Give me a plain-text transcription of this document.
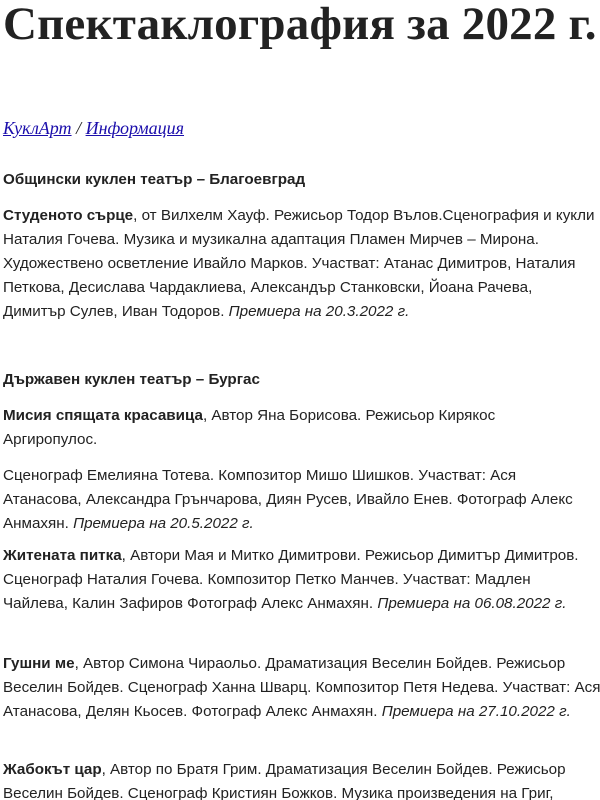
Спектаклография за 2022 г.
КуклАрт / Информация

Общински куклен театър – Благоевград

Студеното сърце, от Вилхелм Хауф. Режисьор Тодор Вълов.Сценография и кукли Наталия Гочева. Музика и музикална адаптация Пламен Мирчев – Мирона. Художествено осветление Ивайло Марков. Участват: Атанас Димитров, Наталия Петкова, Десислава Чардаклиева, Александър Станковски, Йоана Рачева, Димитър Сулев, Иван Тодоров. Премиера на 20.3.2022 г.

Държавен куклен театър – Бургас

Мисия спящата красавица, Автор Яна Борисова. Режисьор Кирякос Аргиропулос.

Сценограф Емелияна Тотева. Композитор Мишо Шишков. Участват: Ася Атанасова, Александра Грънчарова, Диян Русев, Ивайло Енев. Фотограф Алекс Анмахян. Премиера на 20.5.2022 г.

Житената питка, Автори Мая и Митко Димитрови. Режисьор Димитър Димитров. Сценограф Наталия Гочева. Композитор Петко Манчев. Участват: Мадлен Чайлева, Калин Зафиров Фотограф Алекс Анмахян. Премиера на 06.08.2022 г.

Гушни ме, Автор Симона Чираольо. Драматизация Веселин Бойдев. Режисьор Веселин Бойдев. Сценограф Ханна Шварц. Композитор Петя Недева. Участват: Ася Атанасова, Делян Кьосев. Фотограф Алекс Анмахян. Премиера на 27.10.2022 г.

Жабокът цар, Автор по Братя Грим. Драматизация Веселин Бойдев. Режисьор Веселин Бойдев. Сценограф Кристиян Божков. Музика произведения на Григ,
